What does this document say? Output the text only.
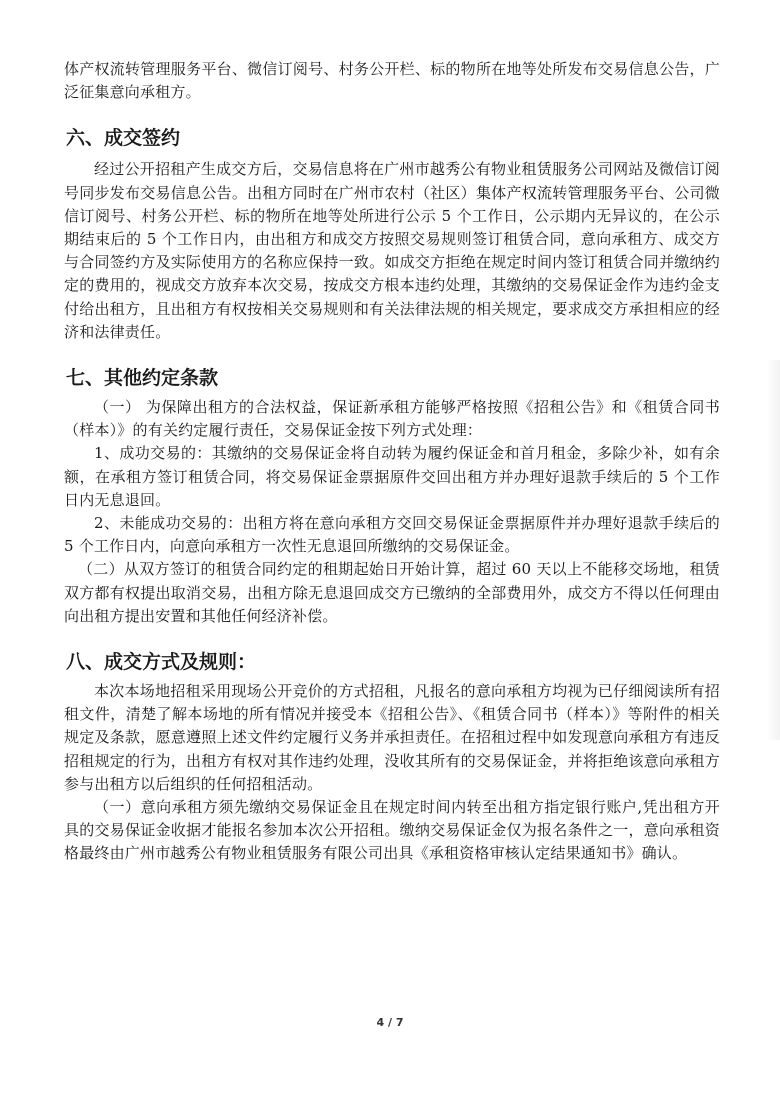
体产权流转管理服务平台、微信订阅号、村务公开栏、标的物所在地等处所发布交易信息公告，广泛征集意向承租方。

六、成交签约

经过公开招租产生成交方后，交易信息将在广州市越秀公有物业租赁服务公司网站及微信订阅号同步发布交易信息公告。出租方同时在广州市农村（社区）集体产权流转管理服务平台、公司微信订阅号、村务公开栏、标的物所在地等处所进行公示 5 个工作日，公示期内无异议的，在公示期结束后的 5 个工作日内，由出租方和成交方按照交易规则签订租赁合同，意向承租方、成交方与合同签约方及实际使用方的名称应保持一致。如成交方拒绝在规定时间内签订租赁合同并缴纳约定的费用的，视成交方放弃本次交易，按成交方根本违约处理，其缴纳的交易保证金作为违约金支付给出租方，且出租方有权按相关交易规则和有关法律法规的相关规定，要求成交方承担相应的经济和法律责任。

七、其他约定条款

（一） 为保障出租方的合法权益，保证新承租方能够严格按照《招租公告》和《租赁合同书（样本）》的有关约定履行责任，交易保证金按下列方式处理：

1、成功交易的：其缴纳的交易保证金将自动转为履约保证金和首月租金，多除少补，如有余额，在承租方签订租赁合同，将交易保证金票据原件交回出租方并办理好退款手续后的 5 个工作日内无息退回。

2、未能成功交易的：出租方将在意向承租方交回交易保证金票据原件并办理好退款手续后的 5 个工作日内，向意向承租方一次性无息退回所缴纳的交易保证金。

（二）从双方签订的租赁合同约定的租期起始日开始计算，超过 60 天以上不能移交场地，租赁双方都有权提出取消交易，出租方除无息退回成交方已缴纳的全部费用外，成交方不得以任何理由向出租方提出安置和其他任何经济补偿。

八、成交方式及规则：

本次本场地招租采用现场公开竞价的方式招租，凡报名的意向承租方均视为已仔细阅读所有招租文件，清楚了解本场地的所有情况并接受本《招租公告》、《租赁合同书（样本）》等附件的相关规定及条款，愿意遵照上述文件约定履行义务并承担责任。在招租过程中如发现意向承租方有违反招租规定的行为，出租方有权对其作违约处理，没收其所有的交易保证金，并将拒绝该意向承租方参与出租方以后组织的任何招租活动。

（一）意向承租方须先缴纳交易保证金且在规定时间内转至出租方指定银行账户,凭出租方开具的交易保证金收据才能报名参加本次公开招租。缴纳交易保证金仅为报名条件之一，意向承租资格最终由广州市越秀公有物业租赁服务有限公司出具《承租资格审核认定结果通知书》确认。

4 / 7
